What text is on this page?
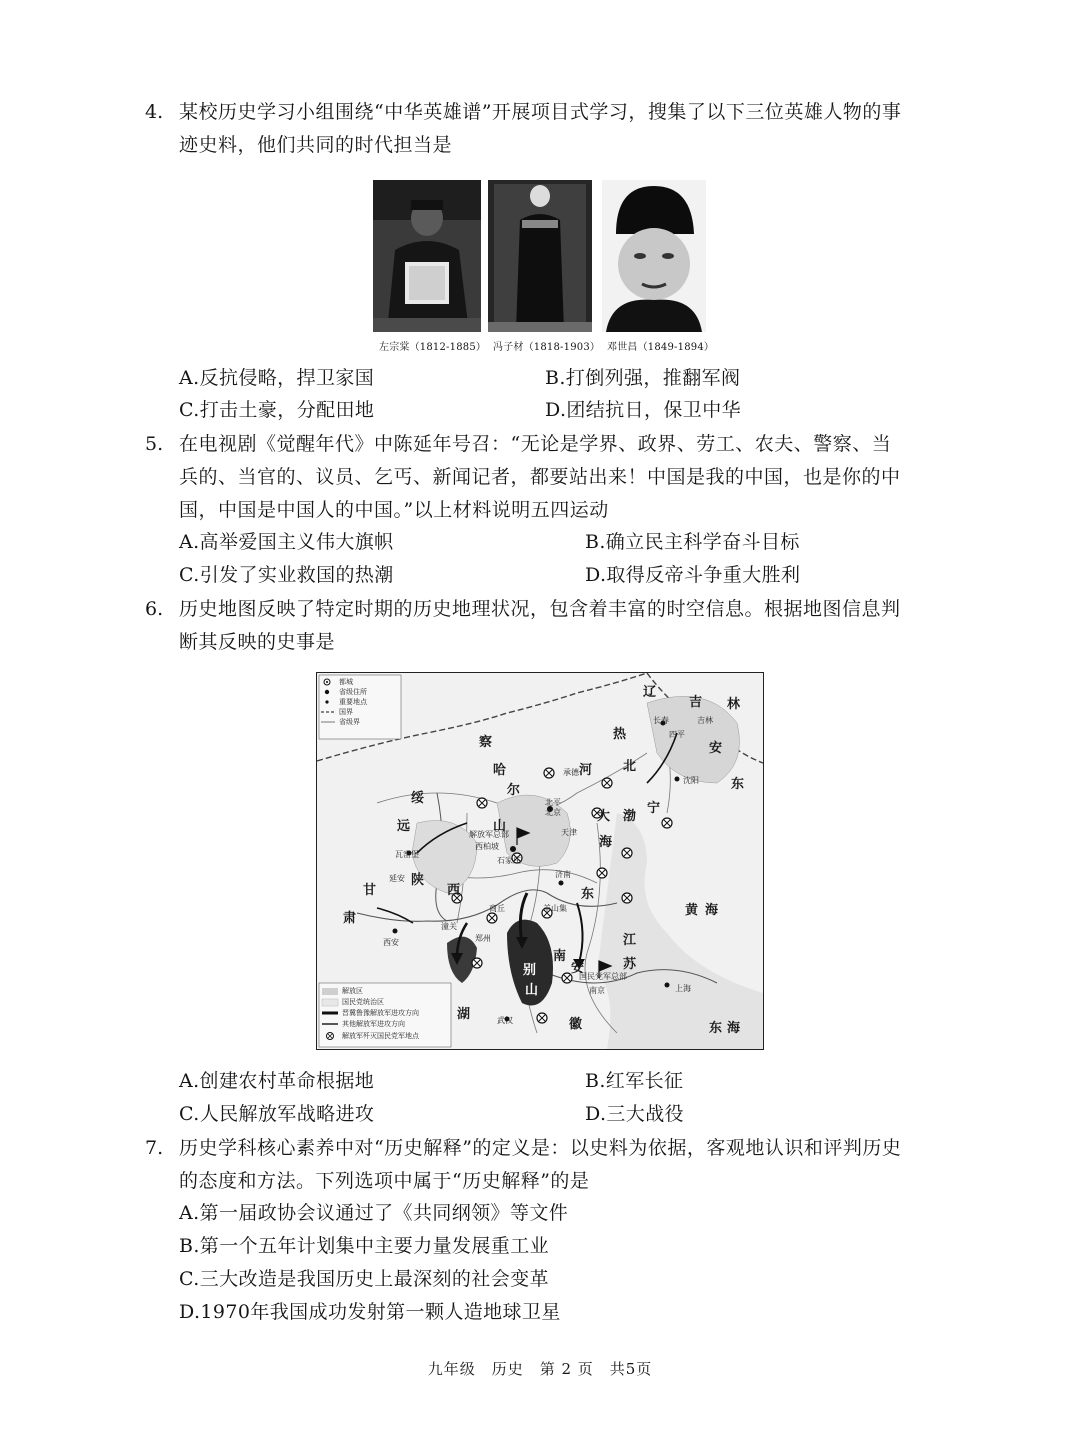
4. 某校历史学习小组围绕“中华英雄谱”开展项目式学习，搜集了以下三位英雄人物的事迹史料，他们共同的时代担当是
左宗棠（1812-1885） 冯子材（1818-1903） 邓世昌（1849-1894）
A.反抗侵略，捍卫家国	B.打倒列强，推翻军阀
C.打击土豪，分配田地	D.团结抗日，保卫中华
5. 在电视剧《觉醒年代》中陈延年号召：“无论是学界、政界、劳工、农夫、警察、当兵的、当官的、议员、乞丐、新闻记者，都要站出来！中国是我的中国，也是你的中国，中国是中国人的中国。”以上材料说明五四运动
A.高举爱国主义伟大旗帜	B.确立民主科学奋斗目标
C.引发了实业救国的热潮	D.取得反帝斗争重大胜利
6. 历史地图反映了特定时期的历史地理状况，包含着丰富的时空信息。根据地图信息判断其反映的史事是
都城
省级住所
重要地点
国界
省级界
解放区
国民党统治区
晋冀鲁豫解放军进攻方向
其他解放军进攻方向
解放军歼灭国民党军地点
辽
吉 林
热
安
东
察
哈
尔
河 北
宁
绥
远	山
西
陕
甘
肃
南
东
安
徽
湖
江
苏
黄 海
东 海
渤
海
大
别
山
长春
四平
吉林
沈阳
承德
北平
北京
天津
解放军总部
西柏坡
石家庄
济南
瓦窑堡
延安
西安
羊山集
商丘
郑州
南京	上海
国民党军总部
武汉
潼关
A.创建农村革命根据地	B.红军长征
C.人民解放军战略进攻	D.三大战役
7. 历史学科核心素养中对“历史解释”的定义是：以史料为依据，客观地认识和评判历史的态度和方法。下列选项中属于“历史解释”的是
A.第一届政协会议通过了《共同纲领》等文件
B.第一个五年计划集中主要力量发展重工业
C.三大改造是我国历史上最深刻的社会变革
D.1970年我国成功发射第一颗人造地球卫星
九年级　历史　第 2 页　共5页
